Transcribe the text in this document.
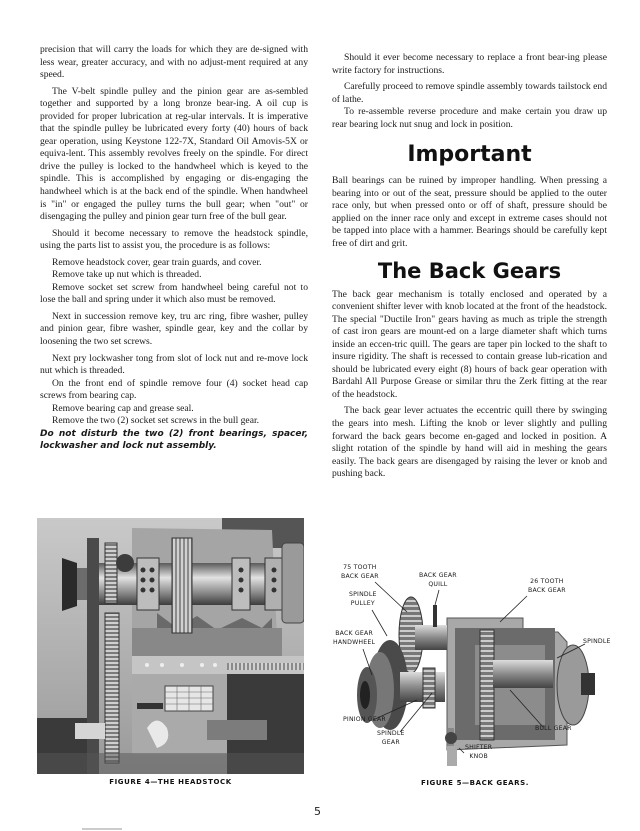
precision that will carry the loads for which they are de-signed with less wear, greater accuracy, and with no adjust-ment required at any speed.

The V-belt spindle pulley and the pinion gear are as-sembled together and supported by a long bronze bear-ing. A oil cup is provided for proper lubrication at reg-ular intervals. It is imperative that the spindle pulley be lubricated every forty (40) hours of back gear operation, using Keystone 122-7X, Standard Oil Amovis-5X or equiva-lent. This assembly revolves freely on the spindle. For direct drive the pulley is locked to the handwheel which is keyed to the spindle. This is accomplished by engaging or dis-engaging the handwheel which is at the back end of the spindle. When handwheel is "in" or engaged the pulley turns the bull gear; when "out" or disengaging the pulley and pinion gear turn free of the bull gear.

Should it become necessary to remove the headstock spindle, using the parts list to assist you, the procedure is as follows:

Remove headstock cover, gear train guards, and cover.

Remove take up nut which is threaded.

Remove socket set screw from handwheel being careful not to lose the ball and spring under it which also must be removed.

Next in succession remove key, tru arc ring, fibre washer, pulley and pinion gear, fibre washer, spindle gear, key and the collar by loosening the two set screws.

Next pry lockwasher tong from slot of lock nut and re-move lock nut which is threaded.

On the front end of spindle remove four (4) socket head cap screws from bearing cap.

Remove bearing cap and grease seal.

Remove the two (2) socket set screws in the bull gear.

Do not disturb the two (2) front bearings, spacer, lockwasher and lock nut assembly.

Should it ever become necessary to replace a front bear-ing please write factory for instructions.

Carefully proceed to remove spindle assembly towards tailstock end of lathe.

To re-assemble reverse procedure and make certain you draw up rear bearing lock nut snug and lock in position.

Important

Ball bearings can be ruined by improper handling. When pressing a bearing into or out of the seat, pressure should be applied to the outer race only, but when pressed onto or off of shaft, pressure should be applied on the inner race only and except in extreme cases should not be tapped into place with a hammer. Bearings should be carefully kept free of dirt and grit.

The Back Gears

The back gear mechanism is totally enclosed and operated by a convenient shifter lever with knob located at the front of the headstock. The special "Ductile Iron" gears having as much as triple the strength of cast iron gears are mount-ed on a large diameter shaft which turns inside an eccen-tric quill. The gears are taper pin locked to the shaft to insure rigidity. The shaft is recessed to contain grease lub-rication and should be lubricated every eight (8) hours of back gear operation with Bardahl All Purpose Grease or similar thru the Zerk fitting at the rear of the headstock.

The back gear lever actuates the eccentric quill there by swinging the gears into mesh. Lifting the knob or lever slightly and pulling forward the back gears become en-gaged and locked in position. A slight rotation of the spindle by hand will aid in meshing the gears easily. The back gears are disengaged by raising the lever or knob and pushing back.

FIGURE 4—THE HEADSTOCK
75 TOOTH
BACK GEAR	BACK GEAR
QUILL	26 TOOTH
BACK GEAR
SPINDLE
PULLEY
BACK GEAR
HANDWHEEL	SPINDLE
PINION GEAR
SPINDLE
GEAR
SHIFTER
KNOB
BULL GEAR
FIGURE 5—BACK GEARS.
5
